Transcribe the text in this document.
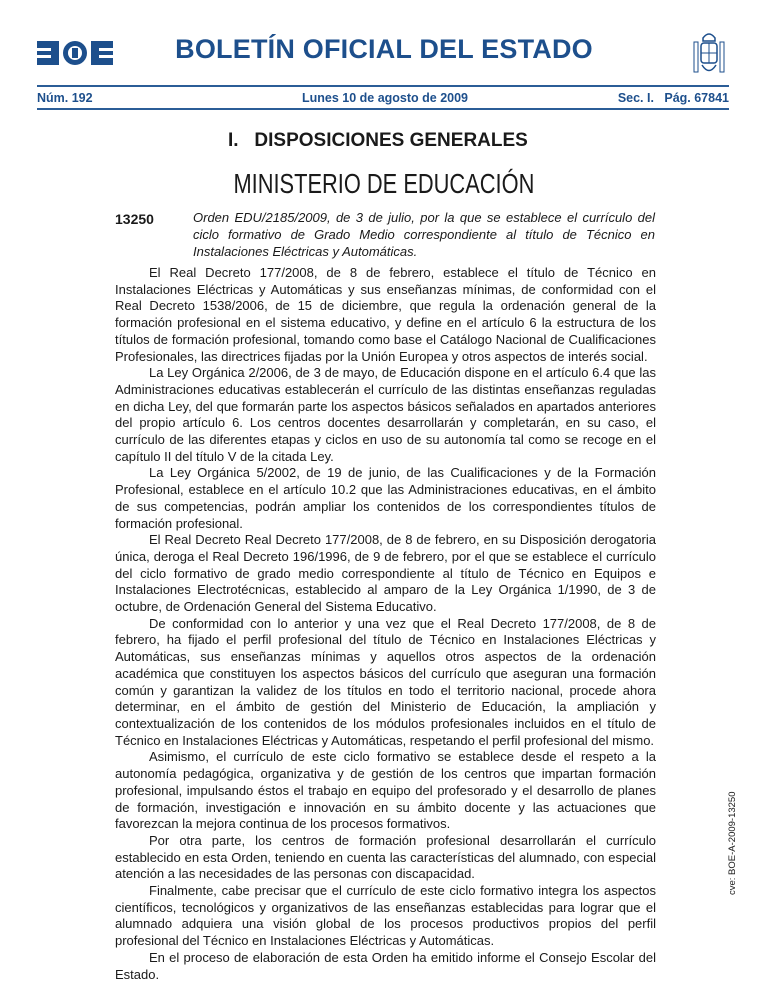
BOLETÍN OFICIAL DEL ESTADO
Núm. 192	Lunes 10 de agosto de 2009	Sec. I.   Pág. 67841
I.   DISPOSICIONES GENERALES
MINISTERIO DE EDUCACIÓN
13250	Orden EDU/2185/2009, de 3 de julio, por la que se establece el currículo del ciclo formativo de Grado Medio correspondiente al título de Técnico en Instalaciones Eléctricas y Automáticas.

El Real Decreto 177/2008, de 8 de febrero, establece el título de Técnico en Instalaciones Eléctricas y Automáticas y sus enseñanzas mínimas, de conformidad con el Real Decreto 1538/2006, de 15 de diciembre, que regula la ordenación general de la formación profesional en el sistema educativo, y define en el artículo 6 la estructura de los títulos de formación profesional, tomando como base el Catálogo Nacional de Cualificaciones Profesionales, las directrices fijadas por la Unión Europea y otros aspectos de interés social.

La Ley Orgánica 2/2006, de 3 de mayo, de Educación dispone en el artículo 6.4 que las Administraciones educativas establecerán el currículo de las distintas enseñanzas reguladas en dicha Ley, del que formarán parte los aspectos básicos señalados en apartados anteriores del propio artículo 6. Los centros docentes desarrollarán y completarán, en su caso, el currículo de las diferentes etapas y ciclos en uso de su autonomía tal como se recoge en el capítulo II del título V de la citada Ley.

La Ley Orgánica 5/2002, de 19 de junio, de las Cualificaciones y de la Formación Profesional, establece en el artículo 10.2 que las Administraciones educativas, en el ámbito de sus competencias, podrán ampliar los contenidos de los correspondientes títulos de formación profesional.

El Real Decreto Real Decreto 177/2008, de 8 de febrero, en su Disposición derogatoria única, deroga el Real Decreto 196/1996, de 9 de febrero, por el que se establece el currículo del ciclo formativo de grado medio correspondiente al título de Técnico en Equipos e Instalaciones Electrotécnicas, establecido al amparo de la Ley Orgánica 1/1990, de 3 de octubre, de Ordenación General del Sistema Educativo.

De conformidad con lo anterior y una vez que el Real Decreto 177/2008, de 8 de febrero, ha fijado el perfil profesional del título de Técnico en Instalaciones Eléctricas y Automáticas, sus enseñanzas mínimas y aquellos otros aspectos de la ordenación académica que constituyen los aspectos básicos del currículo que aseguran una formación común y garantizan la validez de los títulos en todo el territorio nacional, procede ahora determinar, en el ámbito de gestión del Ministerio de Educación, la ampliación y contextualización de los contenidos de los módulos profesionales incluidos en el título de Técnico en Instalaciones Eléctricas y Automáticas, respetando el perfil profesional del mismo.

Asimismo, el currículo de este ciclo formativo se establece desde el respeto a la autonomía pedagógica, organizativa y de gestión de los centros que impartan formación profesional, impulsando éstos el trabajo en equipo del profesorado y el desarrollo de planes de formación, investigación e innovación en su ámbito docente y las actuaciones que favorezcan la mejora continua de los procesos formativos.

Por otra parte, los centros de formación profesional desarrollarán el currículo establecido en esta Orden, teniendo en cuenta las características del alumnado, con especial atención a las necesidades de las personas con discapacidad.

Finalmente, cabe precisar que el currículo de este ciclo formativo integra los aspectos científicos, tecnológicos y organizativos de las enseñanzas establecidas para lograr que el alumnado adquiera una visión global de los procesos productivos propios del perfil profesional del Técnico en Instalaciones Eléctricas y Automáticas.

En el proceso de elaboración de esta Orden ha emitido informe el Consejo Escolar del Estado.

cve: BOE-A-2009-13250
